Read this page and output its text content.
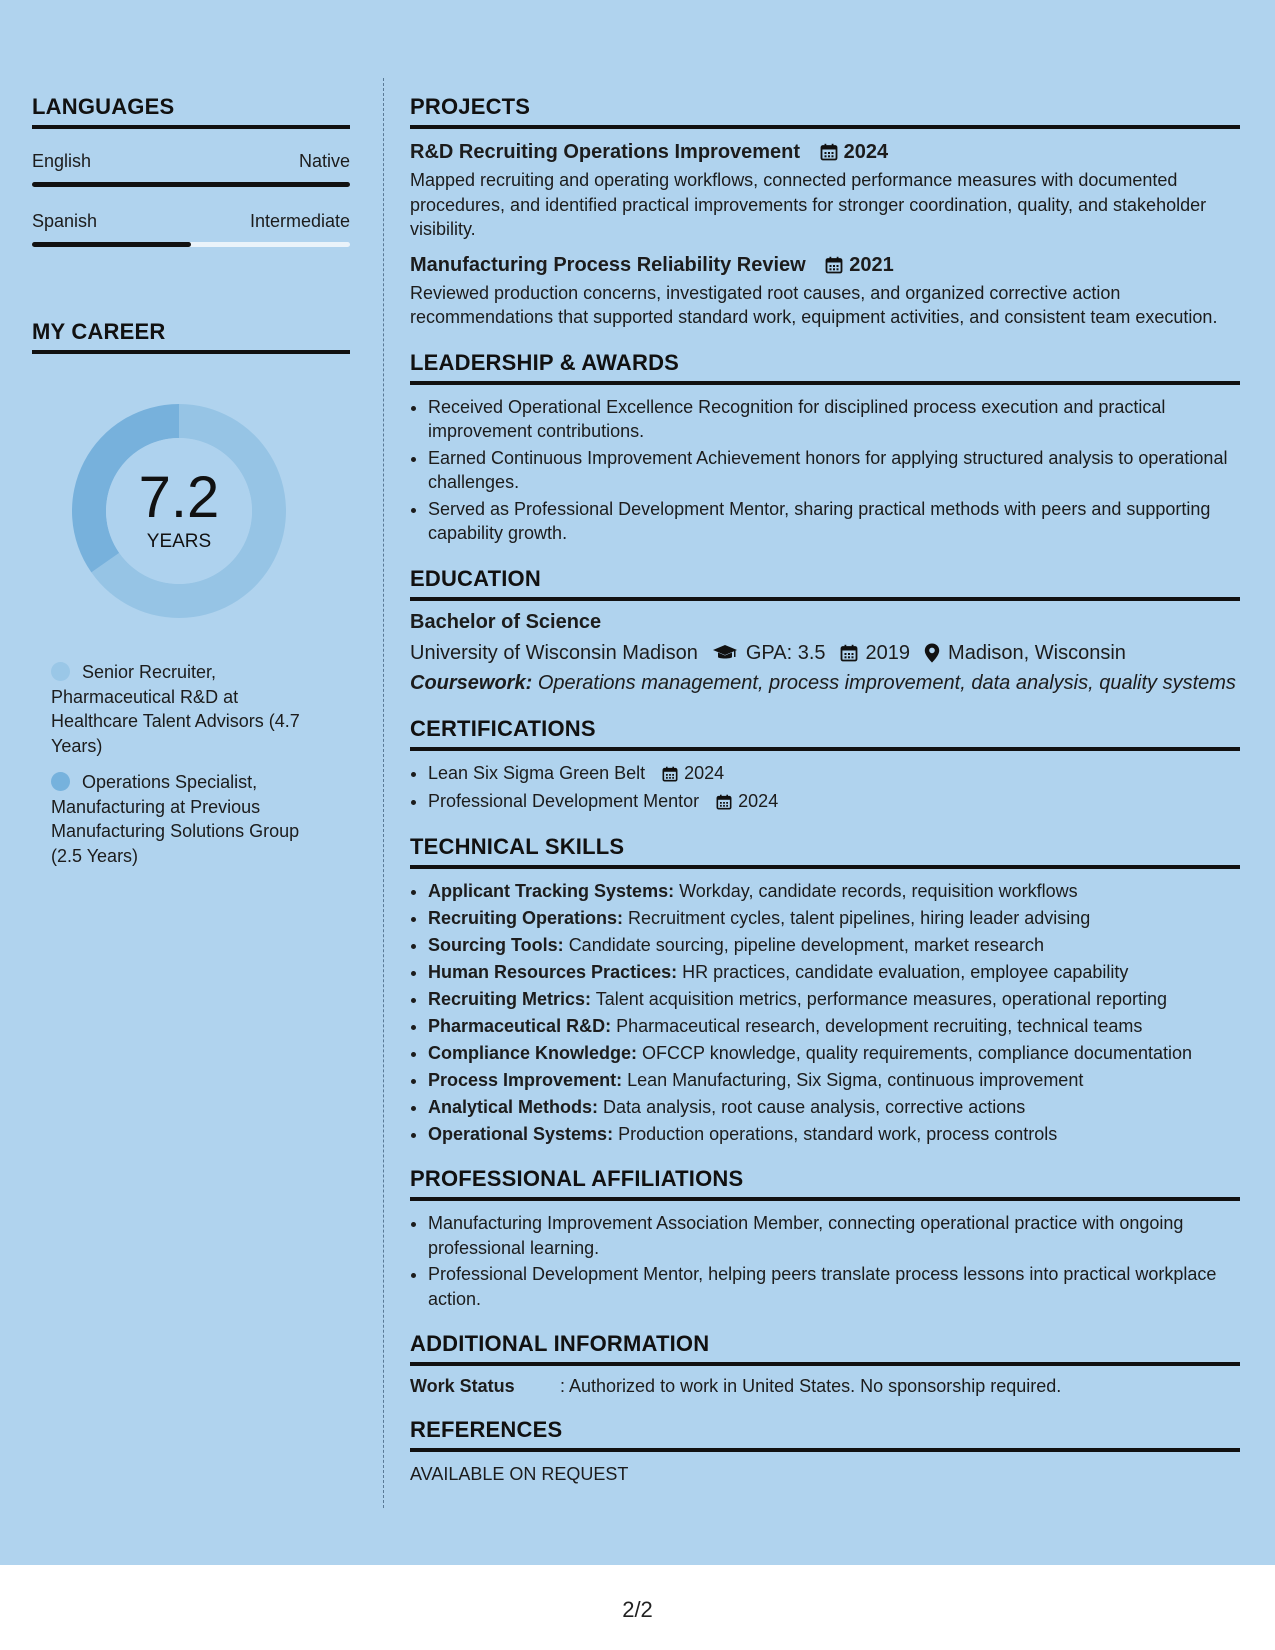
LANGUAGES
English	Native
Spanish	Intermediate
MY CAREER
7.2
YEARS
Senior Recruiter, Pharmaceutical R&D at Healthcare Talent Advisors (4.7 Years)
Operations Specialist, Manufacturing at Previous Manufacturing Solutions Group (2.5 Years)
PROJECTS
R&D Recruiting Operations Improvement 2024
Mapped recruiting and operating workflows, connected performance measures with documented procedures, and identified practical improvements for stronger coordination, quality, and stakeholder visibility.
Manufacturing Process Reliability Review 2021
Reviewed production concerns, investigated root causes, and organized corrective action recommendations that supported standard work, equipment activities, and consistent team execution.
LEADERSHIP & AWARDS
• Received Operational Excellence Recognition for disciplined process execution and practical improvement contributions.
• Earned Continuous Improvement Achievement honors for applying structured analysis to operational challenges.
• Served as Professional Development Mentor, sharing practical methods with peers and supporting capability growth.
EDUCATION
Bachelor of Science
University of Wisconsin Madison GPA: 3.5 2019 Madison, Wisconsin
Coursework: Operations management, process improvement, data analysis, quality systems
CERTIFICATIONS
• Lean Six Sigma Green Belt 2024
• Professional Development Mentor 2024
TECHNICAL SKILLS
• Applicant Tracking Systems: Workday, candidate records, requisition workflows
• Recruiting Operations: Recruitment cycles, talent pipelines, hiring leader advising
• Sourcing Tools: Candidate sourcing, pipeline development, market research
• Human Resources Practices: HR practices, candidate evaluation, employee capability
• Recruiting Metrics: Talent acquisition metrics, performance measures, operational reporting
• Pharmaceutical R&D: Pharmaceutical research, development recruiting, technical teams
• Compliance Knowledge: OFCCP knowledge, quality requirements, compliance documentation
• Process Improvement: Lean Manufacturing, Six Sigma, continuous improvement
• Analytical Methods: Data analysis, root cause analysis, corrective actions
• Operational Systems: Production operations, standard work, process controls
PROFESSIONAL AFFILIATIONS
• Manufacturing Improvement Association Member, connecting operational practice with ongoing professional learning.
• Professional Development Mentor, helping peers translate process lessons into practical workplace action.
ADDITIONAL INFORMATION
Work Status	: Authorized to work in United States. No sponsorship required.
REFERENCES
AVAILABLE ON REQUEST
2/2
